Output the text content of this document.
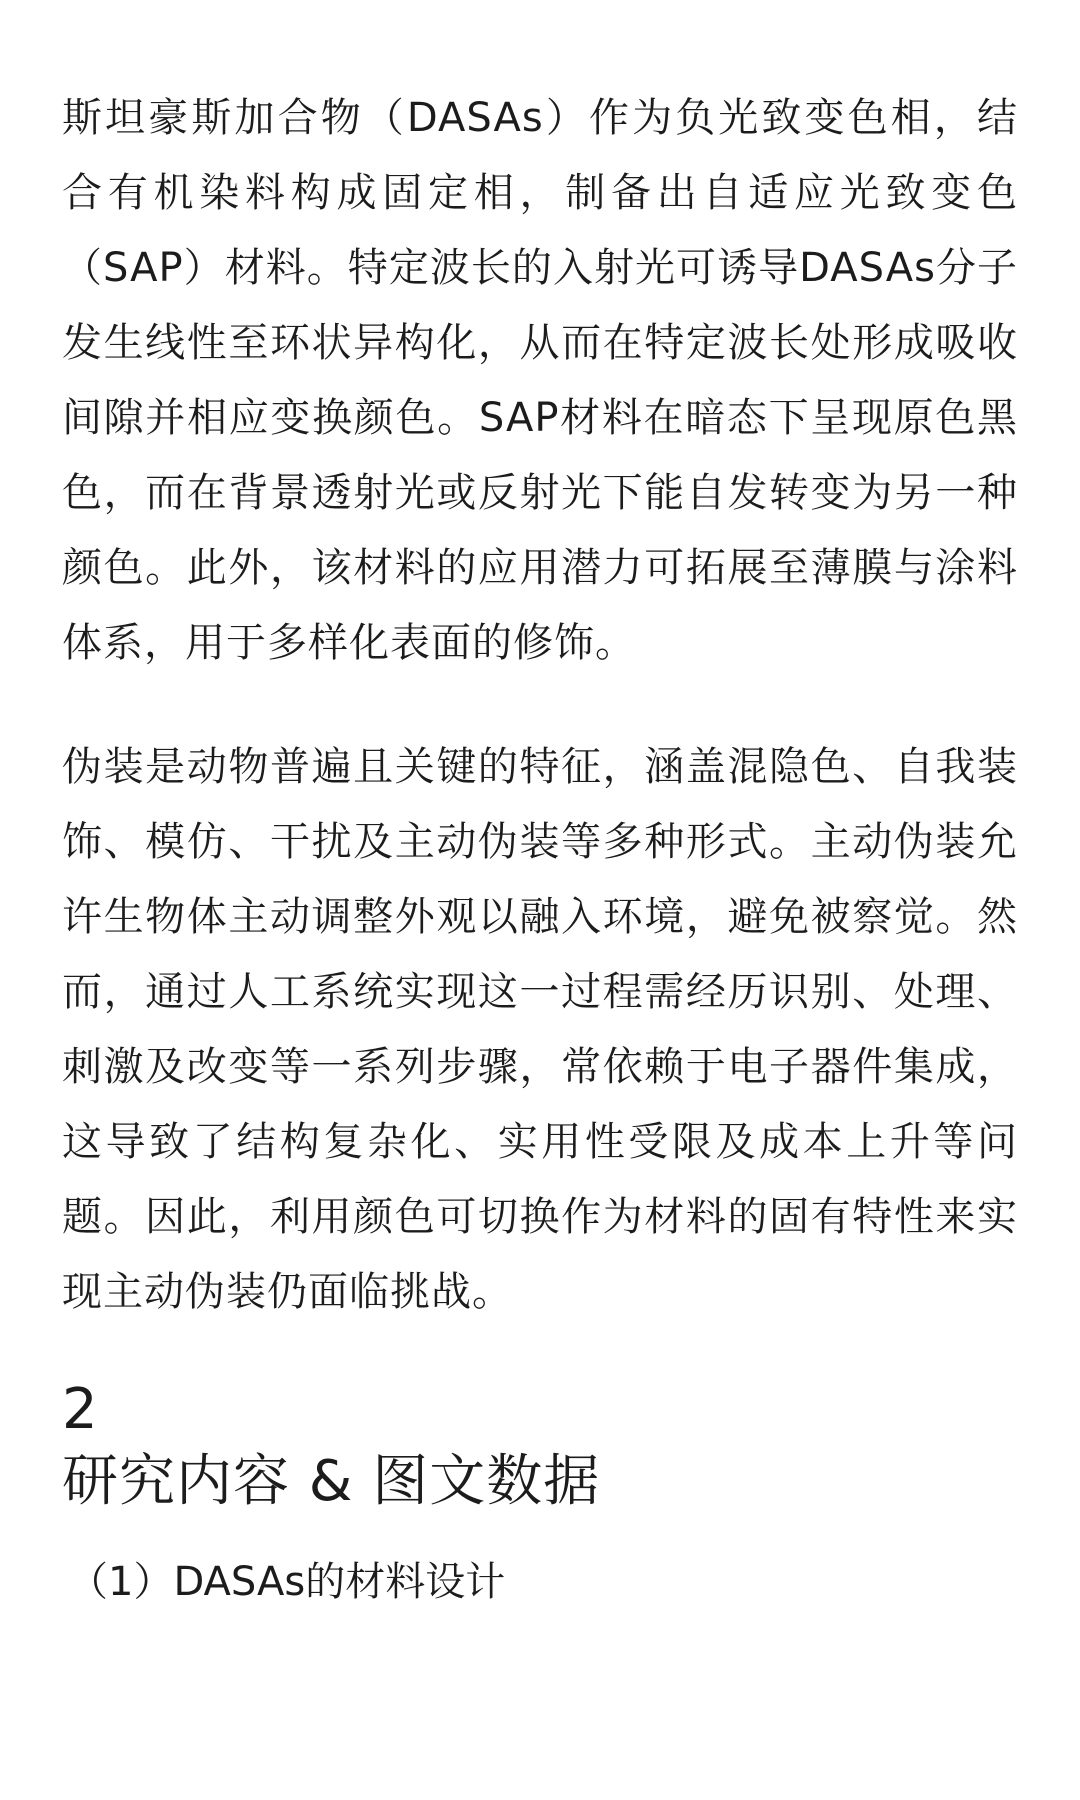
斯坦豪斯加合物（DASAs）作为负光致变色相，结合有机染料构成固定相，制备出自适应光致变色（SAP）材料。特定波长的入射光可诱导DASAs分子发生线性至环状异构化，从而在特定波长处形成吸收间隙并相应变换颜色。SAP材料在暗态下呈现原色黑色，而在背景透射光或反射光下能自发转变为另一种颜色。此外，该材料的应用潜力可拓展至薄膜与涂料体系，用于多样化表面的修饰。

伪装是动物普遍且关键的特征，涵盖混隐色、自我装饰、模仿、干扰及主动伪装等多种形式。主动伪装允许生物体主动调整外观以融入环境，避免被察觉。然而，通过人工系统实现这一过程需经历识别、处理、刺激及改变等一系列步骤，常依赖于电子器件集成，这导致了结构复杂化、实用性受限及成本上升等问题。因此，利用颜色可切换作为材料的固有特性来实现主动伪装仍面临挑战。

2
研究内容 & 图文数据
（1）DASAs的材料设计
